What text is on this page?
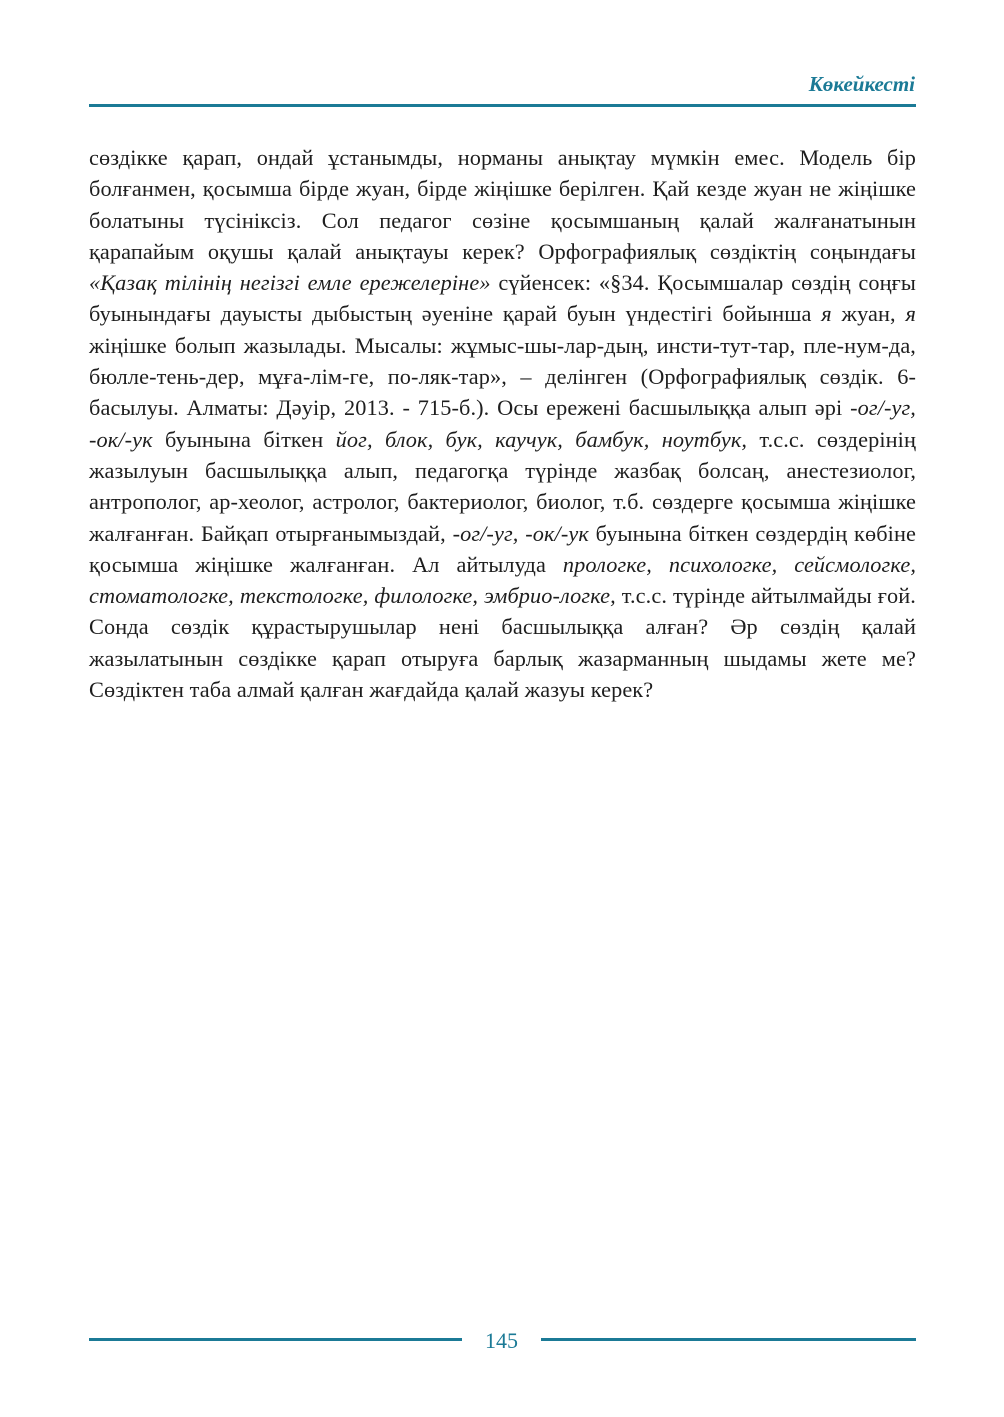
Көкейкесті

сөздікке қарап, ондай ұстанымды, норманы анықтау мүмкін емес. Модель бір болғанмен, қосымша бірде жуан, бірде жіңішке берілген. Қай кезде жуан не жіңішке болатыны түсініксіз. Сол педагог сөзіне қосымшаның қалай жалғанатынын қарапайым оқушы қалай анықтауы керек? Орфографиялық сөздіктің соңындағы «Қазақ тілінің негізгі емле ережелеріне» сүйенсек: «§34. Қосымшалар сөздің соңғы буынындағы дауысты дыбыстың әуеніне қарай буын үндестігі бойынша я жуан, я жіңішке болып жазылады. Мысалы: жұмыс-шы-лар-дың, инсти-тут-тар, пле-нум-да, бюлле-тень-дер, мұға-лім-ге, по-ляк-тар», – делінген (Орфографиялық сөздік. 6-басылуы. Алматы: Дәуір, 2013. - 715-б.). Осы ережені басшылыққа алып әрі -ог/-уг, -ок/-ук буынына біткен йог, блок, бук, каучук, бамбук, ноутбук, т.с.с. сөздерінің жазылуын басшылыққа алып, педагогқа түрінде жазбақ болсаң, анестезиолог, антрополог, ар-хеолог, астролог, бактериолог, биолог, т.б. сөздерге қосымша жіңішке жалғанған. Байқап отырғанымыздай, -ог/-уг, -ок/-ук буынына біткен сөздердің көбіне қосымша жіңішке жалғанған. Ал айтылуда прологке, психологке, сейсмологке, стоматологке, текстологке, филологке, эмбрио-логке, т.с.с. түрінде айтылмайды ғой. Сонда сөздік құрастырушылар нені басшылыққа алған? Әр сөздің қалай жазылатынын сөздікке қарап отыруға барлық жазарманның шыдамы жете ме? Сөздіктен таба алмай қалған жағдайда қалай жазуы керек?

145
